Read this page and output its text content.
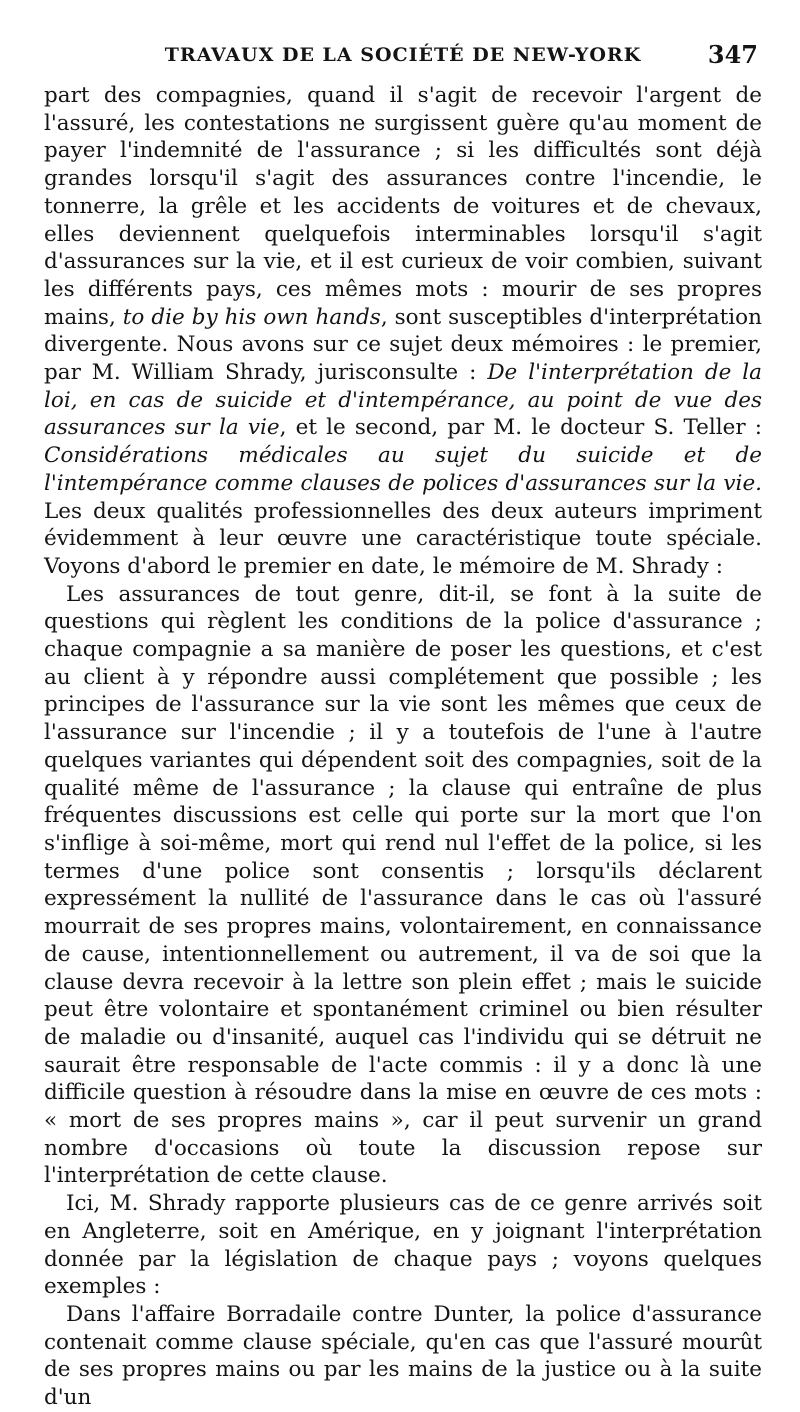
TRAVAUX DE LA SOCIÉTÉ DE NEW-YORK	347

part des compagnies, quand il s'agit de recevoir l'argent de l'assuré, les contestations ne surgissent guère qu'au moment de payer l'indemnité de l'assurance ; si les difficultés sont déjà grandes lorsqu'il s'agit des assurances contre l'incendie, le tonnerre, la grêle et les accidents de voitures et de chevaux, elles deviennent quelquefois interminables lorsqu'il s'agit d'assurances sur la vie, et il est curieux de voir combien, suivant les différents pays, ces mêmes mots : mourir de ses propres mains, to die by his own hands, sont susceptibles d'interprétation divergente. Nous avons sur ce sujet deux mémoires : le premier, par M. William Shrady, jurisconsulte : De l'interprétation de la loi, en cas de suicide et d'intempérance, au point de vue des assurances sur la vie, et le second, par M. le docteur S. Teller : Considérations médicales au sujet du suicide et de l'intempérance comme clauses de polices d'assurances sur la vie. Les deux qualités professionnelles des deux auteurs impriment évidemment à leur œuvre une caractéristique toute spéciale. Voyons d'abord le premier en date, le mémoire de M. Shrady :

Les assurances de tout genre, dit-il, se font à la suite de questions qui règlent les conditions de la police d'assurance ; chaque compagnie a sa manière de poser les questions, et c'est au client à y répondre aussi complétement que possible ; les principes de l'assurance sur la vie sont les mêmes que ceux de l'assurance sur l'incendie ; il y a toutefois de l'une à l'autre quelques variantes qui dépendent soit des compagnies, soit de la qualité même de l'assurance ; la clause qui entraîne de plus fréquentes discussions est celle qui porte sur la mort que l'on s'inflige à soi-même, mort qui rend nul l'effet de la police, si les termes d'une police sont consentis ; lorsqu'ils déclarent expressément la nullité de l'assurance dans le cas où l'assuré mourrait de ses propres mains, volontairement, en connaissance de cause, intentionnellement ou autrement, il va de soi que la clause devra recevoir à la lettre son plein effet ; mais le suicide peut être volontaire et spontanément criminel ou bien résulter de maladie ou d'insanité, auquel cas l'individu qui se détruit ne saurait être responsable de l'acte commis : il y a donc là une difficile question à résoudre dans la mise en œuvre de ces mots : « mort de ses propres mains », car il peut survenir un grand nombre d'occasions où toute la discussion repose sur l'interprétation de cette clause.

Ici, M. Shrady rapporte plusieurs cas de ce genre arrivés soit en Angleterre, soit en Amérique, en y joignant l'interprétation donnée par la législation de chaque pays ; voyons quelques exemples :

Dans l'affaire Borradaile contre Dunter, la police d'assurance contenait comme clause spéciale, qu'en cas que l'assuré mourût de ses propres mains ou par les mains de la justice ou à la suite d'un
